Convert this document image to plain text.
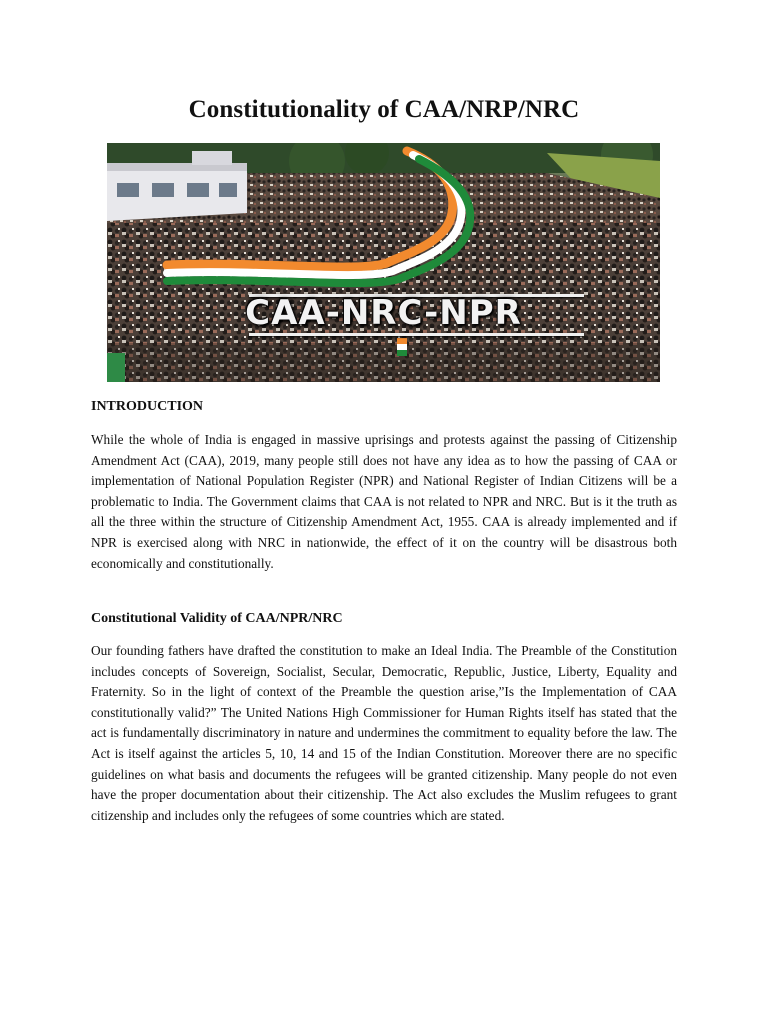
Constitutionality of CAA/NRP/NRC
CAA-NRC-NPR
INTRODUCTION

While the whole of India is engaged in massive uprisings and protests against the passing of Citizenship Amendment Act (CAA), 2019, many people still does not have any idea as to how the passing of CAA or implementation of National Population Register (NPR) and National Register of Indian Citizens will be a problematic to India. The Government claims that CAA is not related to NPR and NRC. But is it the truth as all the three within the structure of Citizenship Amendment Act, 1955. CAA is already implemented and if NPR is exercised along with NRC in nationwide, the effect of it on the country will be disastrous both economically and constitutionally.

Constitutional Validity of CAA/NPR/NRC

Our founding fathers have drafted the constitution to make an Ideal India. The Preamble of the Constitution includes concepts of Sovereign, Socialist, Secular, Democratic, Republic, Justice, Liberty, Equality and Fraternity. So in the light of context of the Preamble the question arise,”Is the Implementation of CAA constitutionally valid?” The United Nations High Commissioner for Human Rights itself has stated that the act is fundamentally discriminatory in nature and undermines the commitment to equality before the law. The Act is itself against the articles 5, 10, 14 and 15 of the Indian Constitution. Moreover there are no specific guidelines on what basis and documents the refugees will be granted citizenship. Many people do not even have the proper documentation about their citizenship. The Act also excludes the Muslim refugees to grant citizenship and includes only the refugees of some countries which are stated.
